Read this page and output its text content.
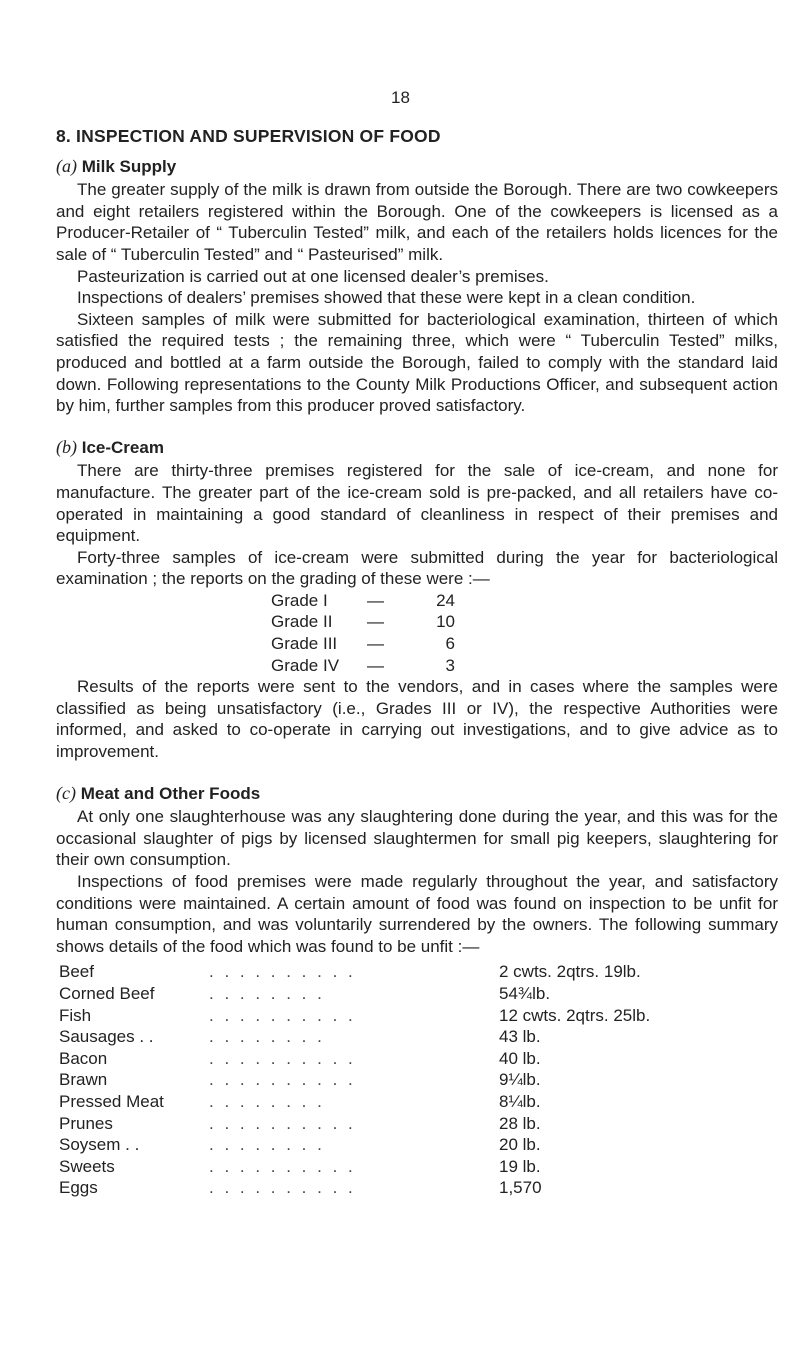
18
8. INSPECTION AND SUPERVISION OF FOOD
(a) Milk Supply

The greater supply of the milk is drawn from outside the Borough. There are two cowkeepers and eight retailers registered within the Borough. One of the cowkeepers is licensed as a Producer-Retailer of “ Tuberculin Tested” milk, and each of the retailers holds licences for the sale of “ Tuberculin Tested” and “ Pasteurised” milk.

Pasteurization is carried out at one licensed dealer’s premises.

Inspections of dealers’ premises showed that these were kept in a clean condition.

Sixteen samples of milk were submitted for bacteriological examination, thirteen of which satisfied the required tests ; the remaining three, which were “ Tuberculin Tested” milks, produced and bottled at a farm outside the Borough, failed to comply with the standard laid down. Following representations to the County Milk Productions Officer, and subsequent action by him, further samples from this producer proved satisfactory.

(b) Ice-Cream

There are thirty-three premises registered for the sale of ice-cream, and none for manufacture. The greater part of the ice-cream sold is pre-packed, and all retailers have co-operated in maintaining a good standard of cleanliness in respect of their premises and equipment.

Forty-three samples of ice-cream were submitted during the year for bacteriological examination ; the reports on the grading of these were :—

Grade I	—	24
Grade II	—	10
Grade III	—	6
Grade IV	—	3

Results of the reports were sent to the vendors, and in cases where the samples were classified as being unsatisfactory (i.e., Grades III or IV), the respective Authorities were informed, and asked to co-operate in carrying out investigations, and to give advice as to improvement.

(c) Meat and Other Foods

At only one slaughterhouse was any slaughtering done during the year, and this was for the occasional slaughter of pigs by licensed slaughtermen for small pig keepers, slaughtering for their own consumption.

Inspections of food premises were made regularly throughout the year, and satisfactory conditions were maintained. A certain amount of food was found on inspection to be unfit for human consumption, and was voluntarily surrendered by the owners. The following summary shows details of the food which was found to be unfit :—

Beef	. . . . . . . . . .	2 cwts. 2qtrs. 19lb.
Corned Beef	. . . . . . . .	54¾lb.
Fish	. . . . . . . . . .	12 cwts. 2qtrs. 25lb.
Sausages . .	. . . . . . . .	43 lb.
Bacon	. . . . . . . . . .	40 lb.
Brawn	. . . . . . . . . .	9¼lb.
Pressed Meat	. . . . . . . .	8¼lb.
Prunes	. . . . . . . . . .	28 lb.
Soysem . .	. . . . . . . .	20 lb.
Sweets	. . . . . . . . . .	19 lb.
Eggs	. . . . . . . . . .	1,570
